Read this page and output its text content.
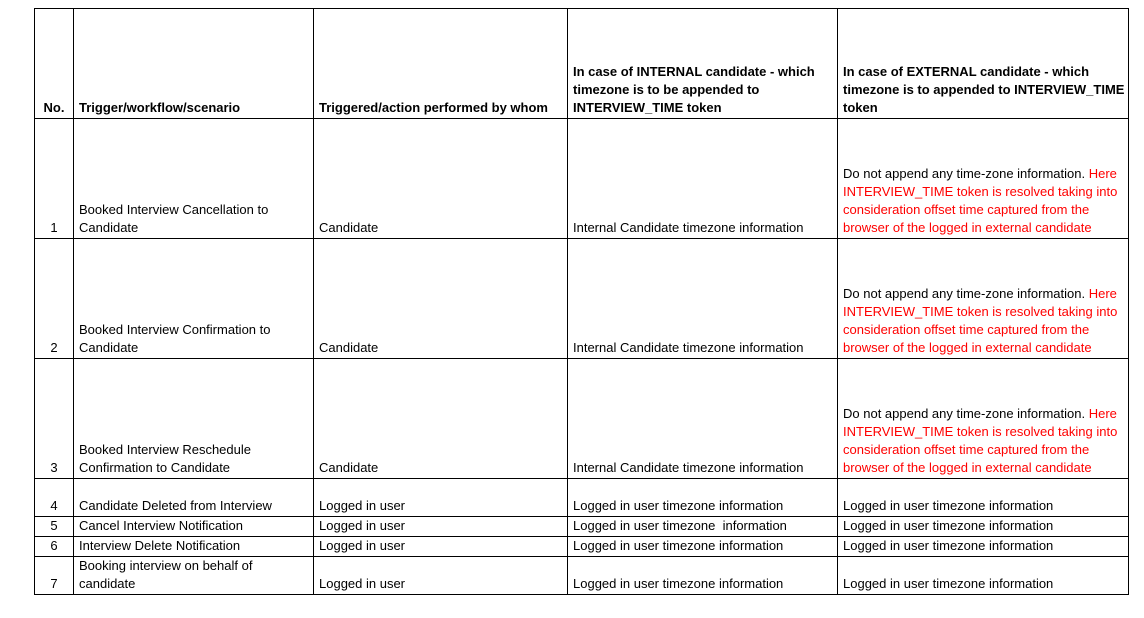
No.	Trigger/workflow/scenario	Triggered/action performed by whom	In case of INTERNAL candidate - which timezone is to be appended to INTERVIEW_TIME token	In case of EXTERNAL candidate - which timezone is to appended to INTERVIEW_TIME token
1	Booked Interview Cancellation to Candidate	Candidate	Internal Candidate timezone information	Do not append any time-zone information. Here INTERVIEW_TIME token is resolved taking into consideration offset time captured from the browser of the logged in external candidate
2	Booked Interview Confirmation to Candidate	Candidate	Internal Candidate timezone information	Do not append any time-zone information. Here INTERVIEW_TIME token is resolved taking into consideration offset time captured from the browser of the logged in external candidate
3	Booked Interview Reschedule Confirmation to Candidate	Candidate	Internal Candidate timezone information	Do not append any time-zone information. Here INTERVIEW_TIME token is resolved taking into consideration offset time captured from the browser of the logged in external candidate
4	Candidate Deleted from Interview	Logged in user	Logged in user timezone information	Logged in user timezone information
5	Cancel Interview Notification	Logged in user	Logged in user timezone  information	Logged in user timezone information
6	Interview Delete Notification	Logged in user	Logged in user timezone information	Logged in user timezone information
7	Booking interview on behalf of candidate	Logged in user	Logged in user timezone information	Logged in user timezone information
